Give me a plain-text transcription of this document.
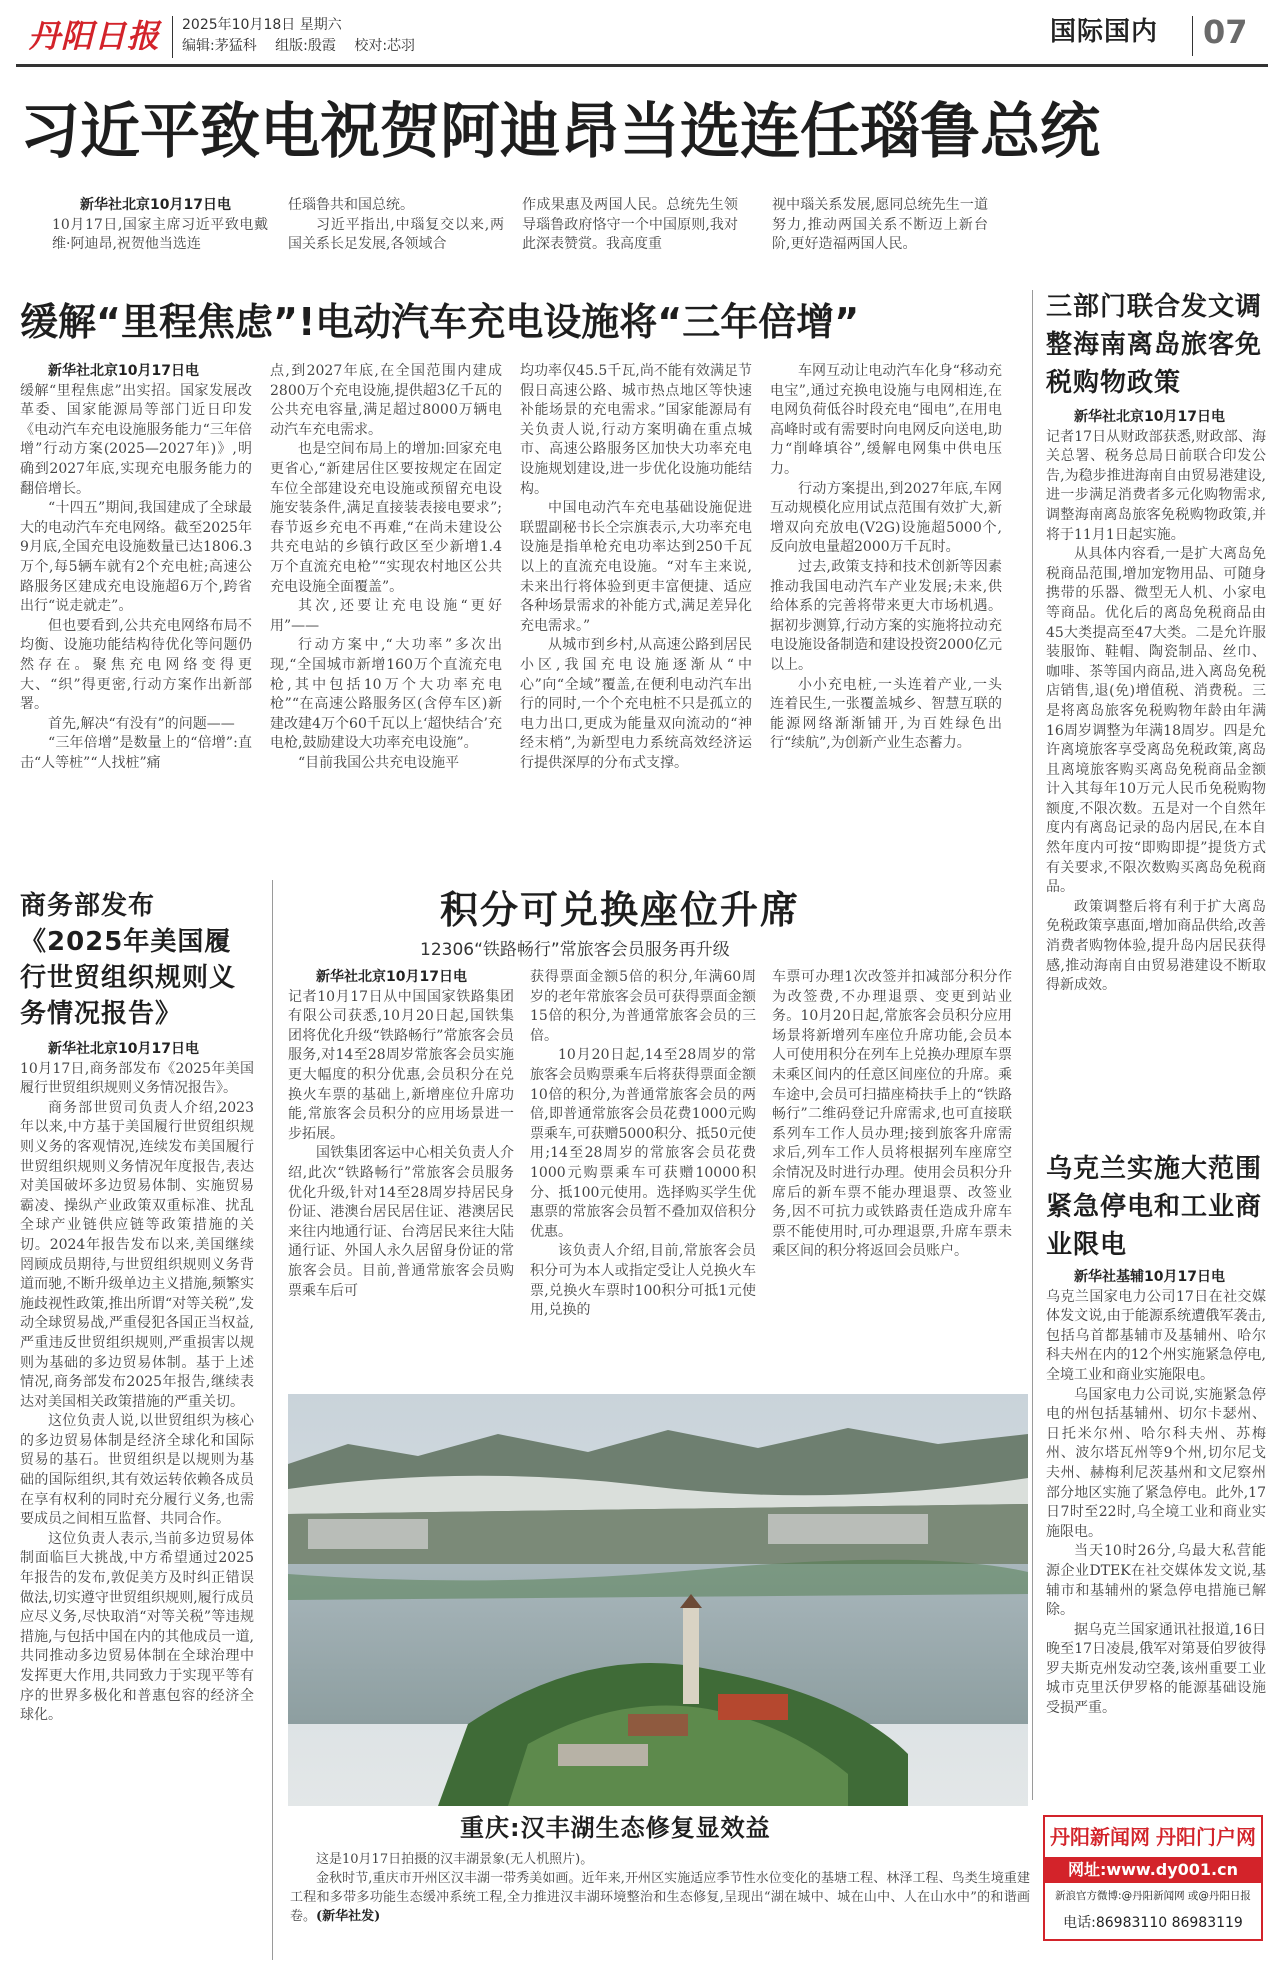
丹阳日报 2025年10月18日 星期六
编辑:茅猛科 组版:殷霞 校对:芯羽	国际国内 07
习近平致电祝贺阿迪昂当选连任瑙鲁总统
新华社北京10月17日电

10月17日,国家主席习近平致电戴维·阿迪昂,祝贺他当选连

任瑙鲁共和国总统。

习近平指出,中瑙复交以来,两国关系长足发展,各领域合

作成果惠及两国人民。总统先生领导瑙鲁政府恪守一个中国原则,我对此深表赞赏。我高度重

视中瑙关系发展,愿同总统先生一道努力,推动两国关系不断迈上新台阶,更好造福两国人民。

缓解“里程焦虑”!电动汽车充电设施将“三年倍增”
新华社北京10月17日电

缓解“里程焦虑”出实招。国家发展改革委、国家能源局等部门近日印发《电动汽车充电设施服务能力“三年倍增”行动方案(2025—2027年)》,明确到2027年底,实现充电服务能力的翻倍增长。

“十四五”期间,我国建成了全球最大的电动汽车充电网络。截至2025年9月底,全国充电设施数量已达1806.3万个,每5辆车就有2个充电桩;高速公路服务区建成充电设施超6万个,跨省出行“说走就走”。

但也要看到,公共充电网络布局不均衡、设施功能结构待优化等问题仍然存在。聚焦充电网络变得更大、“织”得更密,行动方案作出新部署。

首先,解决“有没有”的问题——

“三年倍增”是数量上的“倍增”:直击“人等桩”“人找桩”痛

点,到2027年底,在全国范围内建成2800万个充电设施,提供超3亿千瓦的公共充电容量,满足超过8000万辆电动汽车充电需求。

也是空间布局上的增加:回家充电更省心,“新建居住区要按规定在固定车位全部建设充电设施或预留充电设施安装条件,满足直接装表接电要求”;春节返乡充电不再难,“在尚未建设公共充电站的乡镇行政区至少新增1.4万个直流充电枪”“实现农村地区公共充电设施全面覆盖”。

其次,还要让充电设施“更好用”——

行动方案中,“大功率”多次出现,“全国城市新增160万个直流充电枪,其中包括10万个大功率充电枪”“在高速公路服务区(含停车区)新建改建4万个60千瓦以上‘超快结合’充电枪,鼓励建设大功率充电设施”。

“目前我国公共充电设施平

均功率仅45.5千瓦,尚不能有效满足节假日高速公路、城市热点地区等快速补能场景的充电需求。”国家能源局有关负责人说,行动方案明确在重点城市、高速公路服务区加快大功率充电设施规划建设,进一步优化设施功能结构。

中国电动汽车充电基础设施促进联盟副秘书长仝宗旗表示,大功率充电设施是指单枪充电功率达到250千瓦以上的直流充电设施。“对车主来说,未来出行将体验到更丰富便捷、适应各种场景需求的补能方式,满足差异化充电需求。”

从城市到乡村,从高速公路到居民小区,我国充电设施逐渐从“中心”向“全域”覆盖,在便利电动汽车出行的同时,一个个充电桩不只是孤立的电力出口,更成为能量双向流动的“神经末梢”,为新型电力系统高效经济运行提供深厚的分布式支撑。

车网互动让电动汽车化身“移动充电宝”,通过充换电设施与电网相连,在电网负荷低谷时段充电“囤电”,在用电高峰时或有需要时向电网反向送电,助力“削峰填谷”,缓解电网集中供电压力。

行动方案提出,到2027年底,车网互动规模化应用试点范围有效扩大,新增双向充放电(V2G)设施超5000个,反向放电量超2000万千瓦时。

过去,政策支持和技术创新等因素推动我国电动汽车产业发展;未来,供给体系的完善将带来更大市场机遇。据初步测算,行动方案的实施将拉动充电设施设备制造和建设投资2000亿元以上。

小小充电桩,一头连着产业,一头连着民生,一张覆盖城乡、智慧互联的能源网络渐渐铺开,为百姓绿色出行“续航”,为创新产业生态蓄力。

三部门联合发文调整海南离岛旅客免税购物政策
新华社北京10月17日电

记者17日从财政部获悉,财政部、海关总署、税务总局日前联合印发公告,为稳步推进海南自由贸易港建设,进一步满足消费者多元化购物需求,调整海南离岛旅客免税购物政策,并将于11月1日起实施。

从具体内容看,一是扩大离岛免税商品范围,增加宠物用品、可随身携带的乐器、微型无人机、小家电等商品。优化后的离岛免税商品由45大类提高至47大类。二是允许服装服饰、鞋帽、陶瓷制品、丝巾、咖啡、茶等国内商品,进入离岛免税店销售,退(免)增值税、消费税。三是将离岛旅客免税购物年龄由年满16周岁调整为年满18周岁。四是允许离境旅客享受离岛免税政策,离岛且离境旅客购买离岛免税商品金额计入其每年10万元人民币免税购物额度,不限次数。五是对一个自然年度内有离岛记录的岛内居民,在本自然年度内可按“即购即提”提货方式有关要求,不限次数购买离岛免税商品。

政策调整后将有利于扩大离岛免税政策享惠面,增加商品供给,改善消费者购物体验,提升岛内居民获得感,推动海南自由贸易港建设不断取得新成效。

乌克兰实施大范围紧急停电和工业商业限电
新华社基辅10月17日电

乌克兰国家电力公司17日在社交媒体发文说,由于能源系统遭俄军袭击,包括乌首都基辅市及基辅州、哈尔科夫州在内的12个州实施紧急停电,全境工业和商业实施限电。

乌国家电力公司说,实施紧急停电的州包括基辅州、切尔卡瑟州、日托米尔州、哈尔科夫州、苏梅州、波尔塔瓦州等9个州,切尔尼戈夫州、赫梅利尼茨基州和文尼察州部分地区实施了紧急停电。此外,17日7时至22时,乌全境工业和商业实施限电。

当天10时26分,乌最大私营能源企业DTEK在社交媒体发文说,基辅市和基辅州的紧急停电措施已解除。

据乌克兰国家通讯社报道,16日晚至17日凌晨,俄军对第聂伯罗彼得罗夫斯克州发动空袭,该州重要工业城市克里沃伊罗格的能源基础设施受损严重。

商务部发布《2025年美国履行世贸组织规则义务情况报告》
新华社北京10月17日电

10月17日,商务部发布《2025年美国履行世贸组织规则义务情况报告》。

商务部世贸司负责人介绍,2023年以来,中方基于美国履行世贸组织规则义务的客观情况,连续发布美国履行世贸组织规则义务情况年度报告,表达对美国破坏多边贸易体制、实施贸易霸凌、操纵产业政策双重标准、扰乱全球产业链供应链等政策措施的关切。2024年报告发布以来,美国继续罔顾成员期待,与世贸组织规则义务背道而驰,不断升级单边主义措施,频繁实施歧视性政策,推出所谓“对等关税”,发动全球贸易战,严重侵犯各国正当权益,严重违反世贸组织规则,严重损害以规则为基础的多边贸易体制。基于上述情况,商务部发布2025年报告,继续表达对美国相关政策措施的严重关切。

这位负责人说,以世贸组织为核心的多边贸易体制是经济全球化和国际贸易的基石。世贸组织是以规则为基础的国际组织,其有效运转依赖各成员在享有权利的同时充分履行义务,也需要成员之间相互监督、共同合作。

这位负责人表示,当前多边贸易体制面临巨大挑战,中方希望通过2025年报告的发布,敦促美方及时纠正错误做法,切实遵守世贸组织规则,履行成员应尽义务,尽快取消“对等关税”等违规措施,与包括中国在内的其他成员一道,共同推动多边贸易体制在全球治理中发挥更大作用,共同致力于实现平等有序的世界多极化和普惠包容的经济全球化。

积分可兑换座位升席
12306“铁路畅行”常旅客会员服务再升级
新华社北京10月17日电

记者10月17日从中国国家铁路集团有限公司获悉,10月20日起,国铁集团将优化升级“铁路畅行”常旅客会员服务,对14至28周岁常旅客会员实施更大幅度的积分优惠,会员积分在兑换火车票的基础上,新增座位升席功能,常旅客会员积分的应用场景进一步拓展。

国铁集团客运中心相关负责人介绍,此次“铁路畅行”常旅客会员服务优化升级,针对14至28周岁持居民身份证、港澳台居民居住证、港澳居民来往内地通行证、台湾居民来往大陆通行证、外国人永久居留身份证的常旅客会员。目前,普通常旅客会员购票乘车后可

获得票面金额5倍的积分,年满60周岁的老年常旅客会员可获得票面金额15倍的积分,为普通常旅客会员的三倍。

10月20日起,14至28周岁的常旅客会员购票乘车后将获得票面金额10倍的积分,为普通常旅客会员的两倍,即普通常旅客会员花费1000元购票乘车,可获赠5000积分、抵50元使用;14至28周岁的常旅客会员花费1000元购票乘车可获赠10000积分、抵100元使用。选择购买学生优惠票的常旅客会员暂不叠加双倍积分优惠。

该负责人介绍,目前,常旅客会员积分可为本人或指定受让人兑换火车票,兑换火车票时100积分可抵1元使用,兑换的

车票可办理1次改签并扣减部分积分作为改签费,不办理退票、变更到站业务。10月20日起,常旅客会员积分应用场景将新增列车座位升席功能,会员本人可使用积分在列车上兑换办理原车票未乘区间内的任意区间座位的升席。乘车途中,会员可扫描座椅扶手上的“铁路畅行”二维码登记升席需求,也可直接联系列车工作人员办理;接到旅客升席需求后,列车工作人员将根据列车座席空余情况及时进行办理。使用会员积分升席后的新车票不能办理退票、改签业务,因不可抗力或铁路责任造成升席车票不能使用时,可办理退票,升席车票未乘区间的积分将返回会员账户。

重庆:汉丰湖生态修复显效益

这是10月17日拍摄的汉丰湖景象(无人机照片)。

金秋时节,重庆市开州区汉丰湖一带秀美如画。近年来,开州区实施适应季节性水位变化的基塘工程、林泽工程、鸟类生境重建工程和多带多功能生态缓冲系统工程,全力推进汉丰湖环境整治和生态修复,呈现出“湖在城中、城在山中、人在山水中”的和谐画卷。(新华社发)

丹阳新闻网 丹阳门户网
网址:www.dy001.cn
新浪官方微博:@丹阳新闻网 或@丹阳日报
电话:86983110 86983119
